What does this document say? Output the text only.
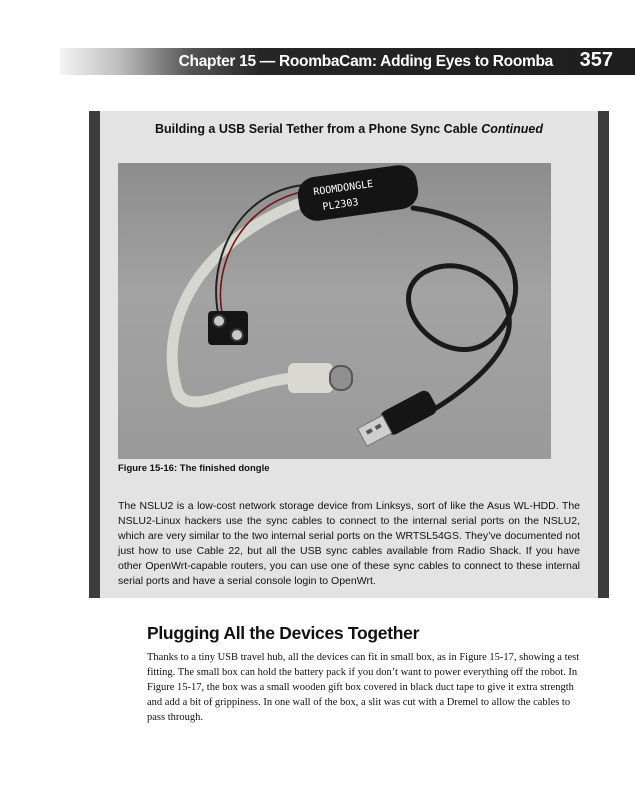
Chapter 15 — RoombaCam: Adding Eyes to Roomba 357
Building a USB Serial Tether from a Phone Sync Cable Continued
ROOMDONGLE
PL2303
Figure 15-16: The finished dongle
The NSLU2 is a low-cost network storage device from Linksys, sort of like the Asus WL-HDD. The NSLU2-Linux hackers use the sync cables to connect to the internal serial ports on the NSLU2, which are very similar to the two internal serial ports on the WRTSL54GS. They’ve documented not just how to use Cable 22, but all the USB sync cables available from Radio Shack. If you have other OpenWrt-capable routers, you can use one of these sync cables to connect to these internal serial ports and have a serial console login to OpenWrt.
Plugging All the Devices Together
Thanks to a tiny USB travel hub, all the devices can fit in small box, as in Figure 15-17, showing a test fitting. The small box can hold the battery pack if you don’t want to power everything off the robot. In Figure 15-17, the box was a small wooden gift box covered in black duct tape to give it extra strength and add a bit of grippiness. In one wall of the box, a slit was cut with a Dremel to allow the cables to pass through.
